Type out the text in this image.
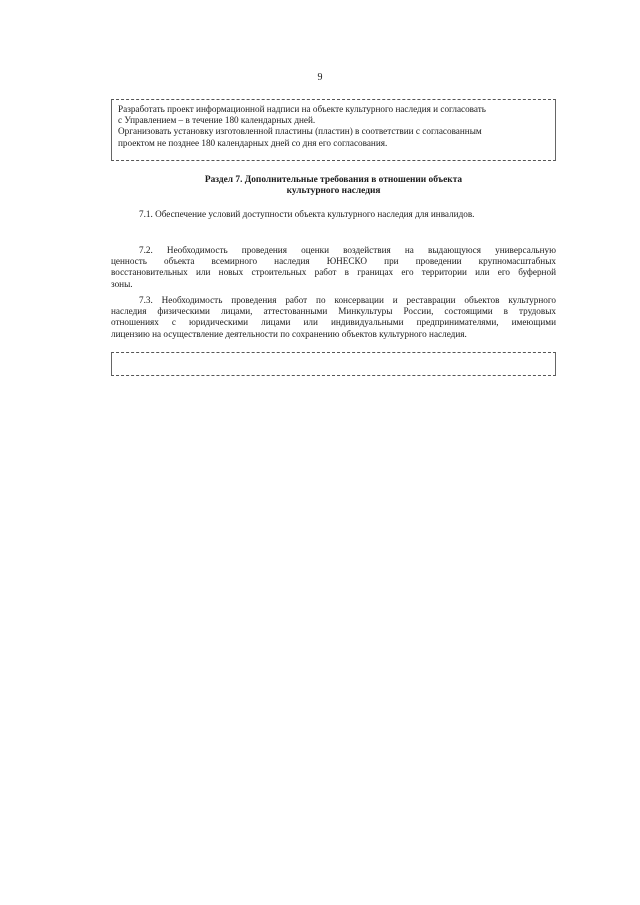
9

Разработать проект информационной надписи на объекте культурного наследия и согласовать

с Управлением – в течение 180 календарных дней.

Организовать установку изготовленной пластины (пластин) в соответствии с согласованным

проектом не позднее 180 календарных дней со дня его согласования.

Раздел 7. Дополнительные требования в отношении объекта
культурного наследия
7.1. Обеспечение условий доступности объекта культурного наследия для инвалидов.
7.2. Необходимость проведения оценки воздействия на выдающуюся универсальную
ценность объекта всемирного наследия ЮНЕСКО при проведении крупномасштабных
восстановительных или новых строительных работ в границах его территории или его буферной
зоны.
7.3. Необходимость проведения работ по консервации и реставрации объектов культурного
наследия физическими лицами, аттестованными Минкультуры России, состоящими в трудовых
отношениях с юридическими лицами или индивидуальными предпринимателями, имеющими
лицензию на осуществление деятельности по сохранению объектов культурного наследия.
